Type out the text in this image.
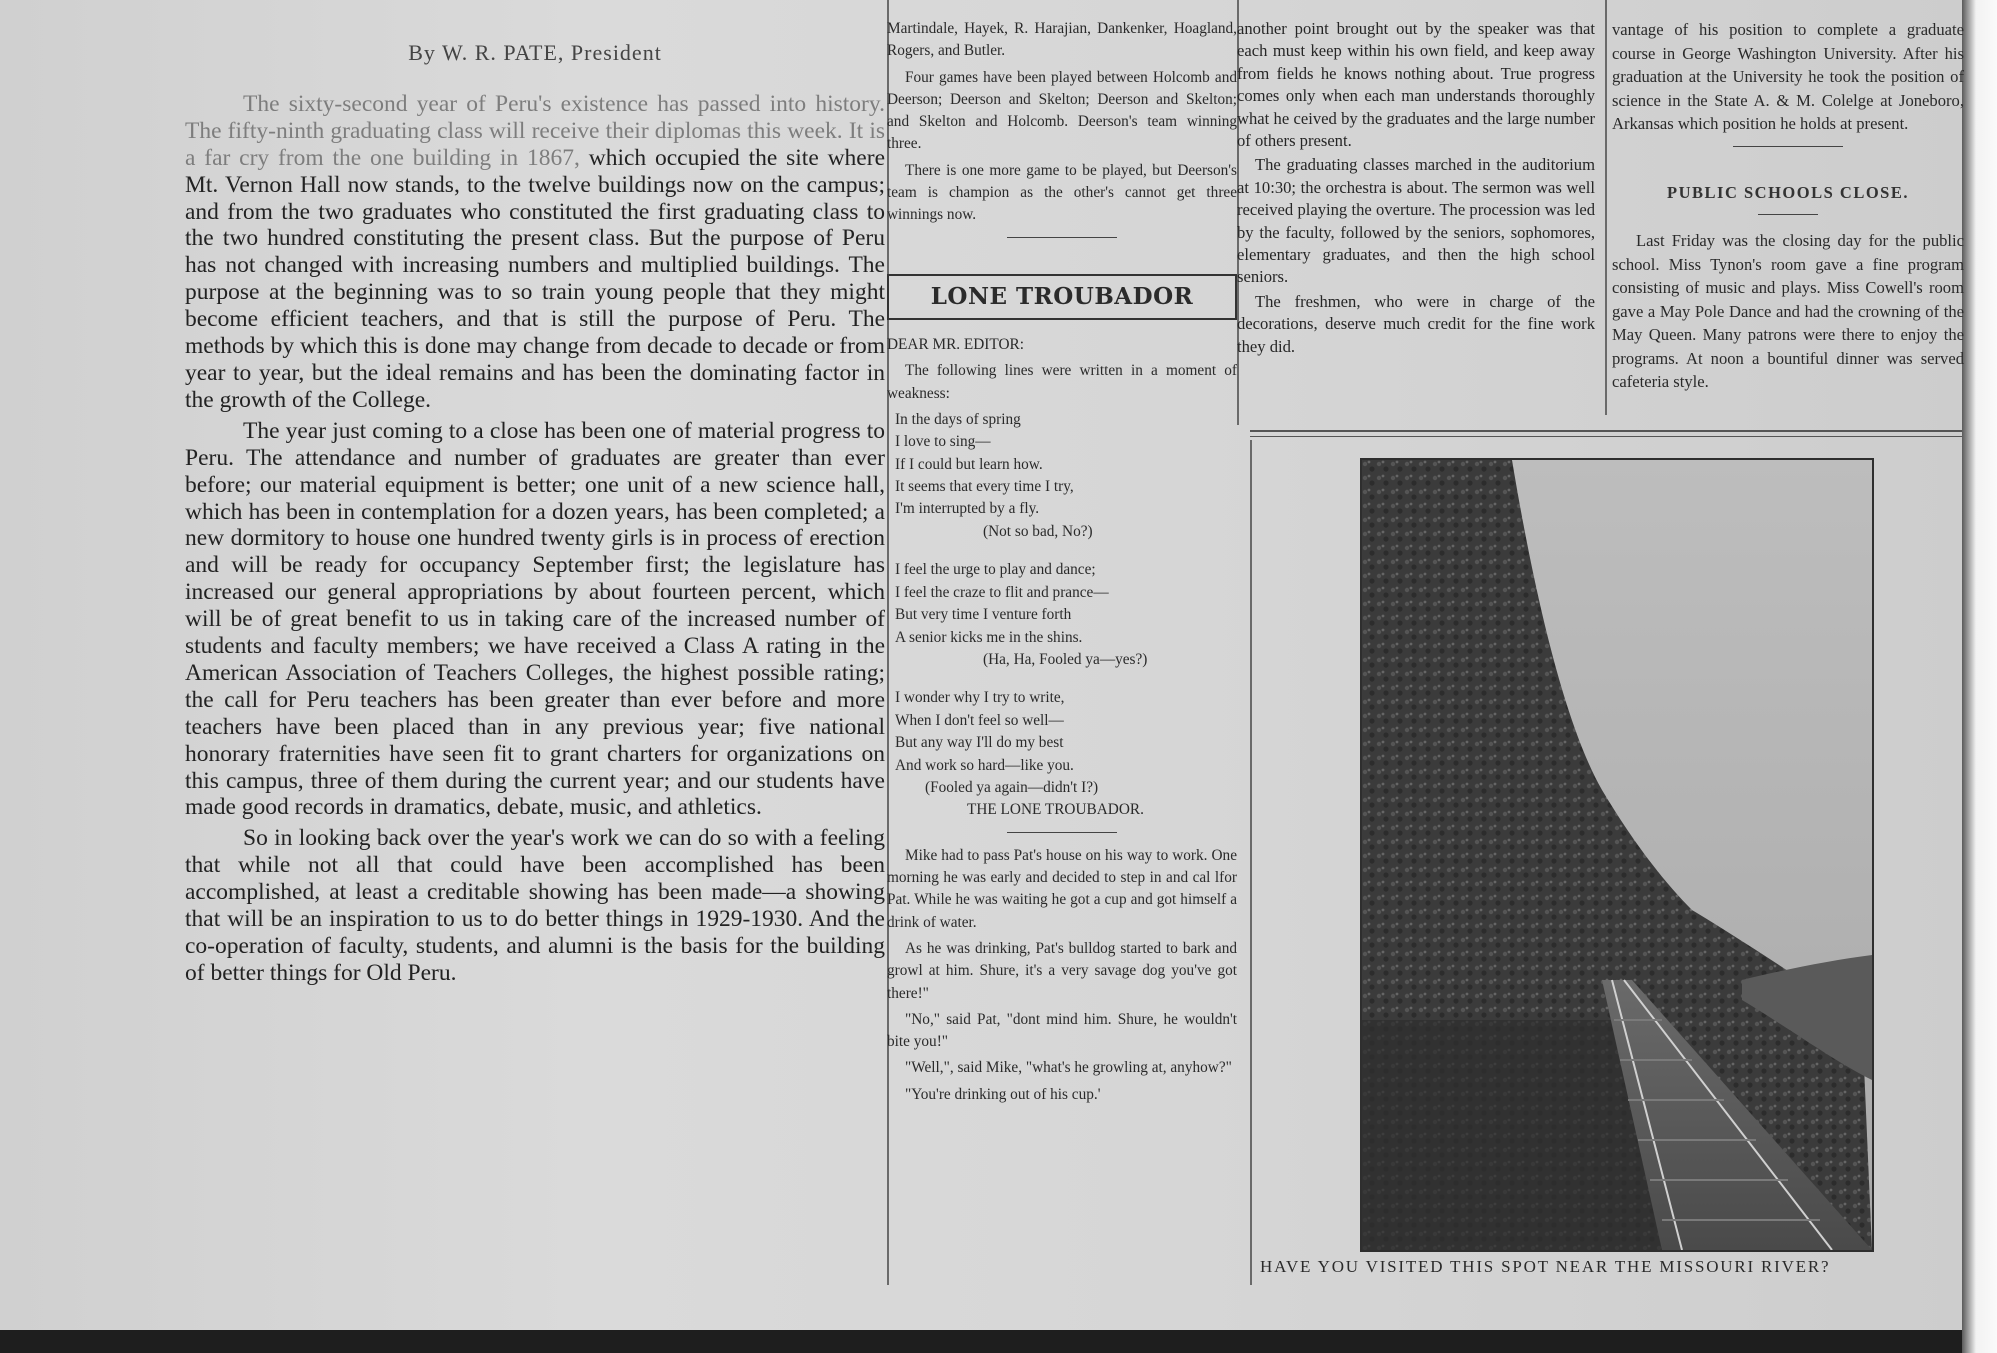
By W. R. PATE, President

The sixty-second year of Peru's existence has passed into history. The fifty-ninth graduating class will receive their diplomas this week. It is a far cry from the one building in 1867, which occupied the site where Mt. Vernon Hall now stands, to the twelve buildings now on the campus; and from the two graduates who constituted the first graduating class to the two hundred constituting the present class. But the purpose of Peru has not changed with increasing numbers and multiplied buildings. The purpose at the beginning was to so train young people that they might become efficient teachers, and that is still the purpose of Peru. The methods by which this is done may change from decade to decade or from year to year, but the ideal remains and has been the dominating factor in the growth of the College.

The year just coming to a close has been one of material progress to Peru. The attendance and number of graduates are greater than ever before; our material equipment is better; one unit of a new science hall, which has been in contemplation for a dozen years, has been completed; a new dormitory to house one hundred twenty girls is in process of erection and will be ready for occupancy September first; the legislature has increased our general appropriations by about fourteen percent, which will be of great benefit to us in taking care of the increased number of students and faculty members; we have received a Class A rating in the American Association of Teachers Colleges, the highest possible rating; the call for Peru teachers has been greater than ever before and more teachers have been placed than in any previous year; five national honorary fraternities have seen fit to grant charters for organizations on this campus, three of them during the current year; and our students have made good records in dramatics, debate, music, and athletics.

So in looking back over the year's work we can do so with a feeling that while not all that could have been accomplished has been accomplished, at least a creditable showing has been made—a showing that will be an inspiration to us to do better things in 1929-1930. And the co-operation of faculty, students, and alumni is the basis for the building of better things for Old Peru.

Martindale, Hayek, R. Harajian, Dankenker, Hoagland, Rogers, and Butler.

Four games have been played between Holcomb and Deerson; Deerson and Skelton; Deerson and Skelton; and Skelton and Holcomb. Deerson's team winning three.

There is one more game to be played, but Deerson's team is champion as the other's cannot get three winnings now.

LONE TROUBADOR

DEAR MR. EDITOR:

The following lines were written in a moment of weakness:

In the days of spring
I love to sing—
If I could but learn how.
It seems that every time I try,
I'm interrupted by a fly.
(Not so bad, No?)
I feel the urge to play and dance;
I feel the craze to flit and prance—
But very time I venture forth
A senior kicks me in the shins.
(Ha, Ha, Fooled ya—yes?)
I wonder why I try to write,
When I don't feel so well—
But any way I'll do my best
And work so hard—like you.
(Fooled ya again—didn't I?)
THE LONE TROUBADOR.

Mike had to pass Pat's house on his way to work. One morning he was early and decided to step in and cal lfor Pat. While he was waiting he got a cup and got himself a drink of water.

As he was drinking, Pat's bulldog started to bark and growl at him. Shure, it's a very savage dog you've got there!"

"No," said Pat, "dont mind him. Shure, he wouldn't bite you!"

"Well,", said Mike, "what's he growling at, anyhow?"

"You're drinking out of his cup.'

another point brought out by the speaker was that each must keep within his own field, and keep away from fields he knows nothing about. True progress comes only when each man understands thoroughly what he ceived by the graduates and the large number of others present.

The graduating classes marched in the auditorium at 10:30; the orchestra is about. The sermon was well received playing the overture. The procession was led by the faculty, followed by the seniors, sophomores, elementary graduates, and then the high school seniors.

The freshmen, who were in charge of the decorations, deserve much credit for the fine work they did.

vantage of his position to complete a graduate course in George Washington University. After his graduation at the University he took the position of science in the State A. & M. Colelge at Joneboro, Arkansas which position he holds at present.

PUBLIC SCHOOLS CLOSE.

Last Friday was the closing day for the public school. Miss Tynon's room gave a fine program consisting of music and plays. Miss Cowell's room gave a May Pole Dance and had the crowning of the May Queen. Many patrons were there to enjoy the programs. At noon a bountiful dinner was served cafeteria style.

HAVE YOU VISITED THIS SPOT NEAR THE MISSOURI RIVER?
